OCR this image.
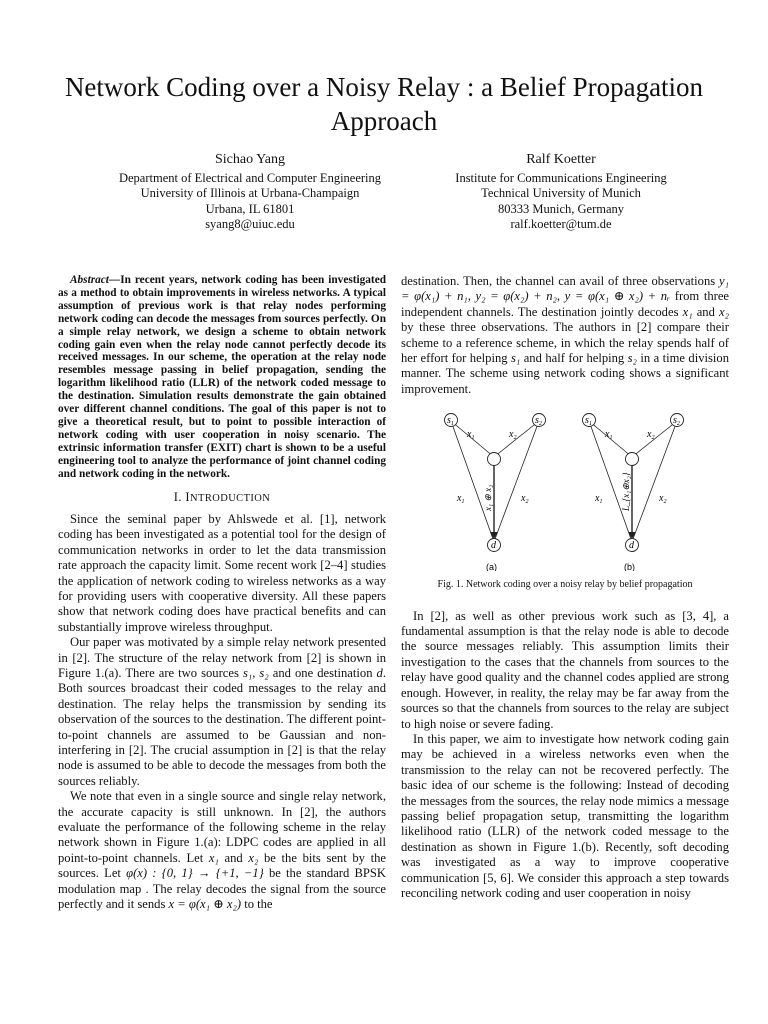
Network Coding over a Noisy Relay : a Belief Propagation Approach
Sichao Yang
Department of Electrical and Computer Engineering
University of Illinois at Urbana-Champaign
Urbana, IL 61801
syang8@uiuc.edu
Ralf Koetter
Institute for Communications Engineering
Technical University of Munich
80333 Munich, Germany
ralf.koetter@tum.de

Abstract—In recent years, network coding has been investigated as a method to obtain improvements in wireless networks. A typical assumption of previous work is that relay nodes performing network coding can decode the messages from sources perfectly. On a simple relay network, we design a scheme to obtain network coding gain even when the relay node cannot perfectly decode its received messages. In our scheme, the operation at the relay node resembles message passing in belief propagation, sending the logarithm likelihood ratio (LLR) of the network coded message to the destination. Simulation results demonstrate the gain obtained over different channel conditions. The goal of this paper is not to give a theoretical result, but to point to possible interaction of network coding with user cooperation in noisy scenario. The extrinsic information transfer (EXIT) chart is shown to be a useful engineering tool to analyze the performance of joint channel coding and network coding in the network.

I. INTRODUCTION

Since the seminal paper by Ahlswede et al. [1], network coding has been investigated as a potential tool for the design of communication networks in order to let the data transmission rate approach the capacity limit. Some recent work [2–4] studies the application of network coding to wireless networks as a way for providing users with cooperative diversity. All these papers show that network coding does have practical benefits and can substantially improve wireless throughput.

Our paper was motivated by a simple relay network presented in [2]. The structure of the relay network from [2] is shown in Figure 1.(a). There are two sources s₁, s₂ and one destination d. Both sources broadcast their coded messages to the relay and destination. The relay helps the transmission by sending its observation of the sources to the destination. The different point-to-point channels are assumed to be Gaussian and non-interfering in [2]. The crucial assumption in [2] is that the relay node is assumed to be able to decode the messages from both the sources reliably.

We note that even in a single source and single relay network, the accurate capacity is still unknown. In [2], the authors evaluate the performance of the following scheme in the relay network shown in Figure 1.(a): LDPC codes are applied in all point-to-point channels. Let x₁ and x₂ be the bits sent by the sources. Let φ(x) : {0, 1} → {+1, −1} be the standard BPSK modulation map . The relay decodes the signal from the source perfectly and it sends x = φ(x₁ ⊕ x₂) to the

destination. Then, the channel can avail of three observations y₁ = φ(x₁) + n₁, y₂ = φ(x₂) + n₂, y = φ(x₁ ⊕ x₂) + nᵣ from three independent channels. The destination jointly decodes x₁ and x₂ by these three observations. The authors in [2] compare their scheme to a reference scheme, in which the relay spends half of her effort for helping s₁ and half for helping s₂ in a time division manner. The scheme using network coding shows a significant improvement.

$s_1$	$s_2$
d
$x_1$	$x_2$
$x_1$	$x_2$
x₁ ⊕ x₂
(a)
$s_1$	$s_2$
d
$x_1$	$x_2$
$x_1$	$x_2$
L_{x₁⊕x₂}
(b)
Fig. 1. Network coding over a noisy relay by belief propagation

In [2], as well as other previous work such as [3, 4], a fundamental assumption is that the relay node is able to decode the source messages reliably. This assumption limits their investigation to the cases that the channels from sources to the relay have good quality and the channel codes applied are strong enough. However, in reality, the relay may be far away from the sources so that the channels from sources to the relay are subject to high noise or severe fading.

In this paper, we aim to investigate how network coding gain may be achieved in a wireless networks even when the transmission to the relay can not be recovered perfectly. The basic idea of our scheme is the following: Instead of decoding the messages from the sources, the relay node mimics a message passing belief propagation setup, transmitting the logarithm likelihood ratio (LLR) of the network coded message to the destination as shown in Figure 1.(b). Recently, soft decoding was investigated as a way to improve cooperative communication [5, 6]. We consider this approach a step towards reconciling network coding and user cooperation in noisy
